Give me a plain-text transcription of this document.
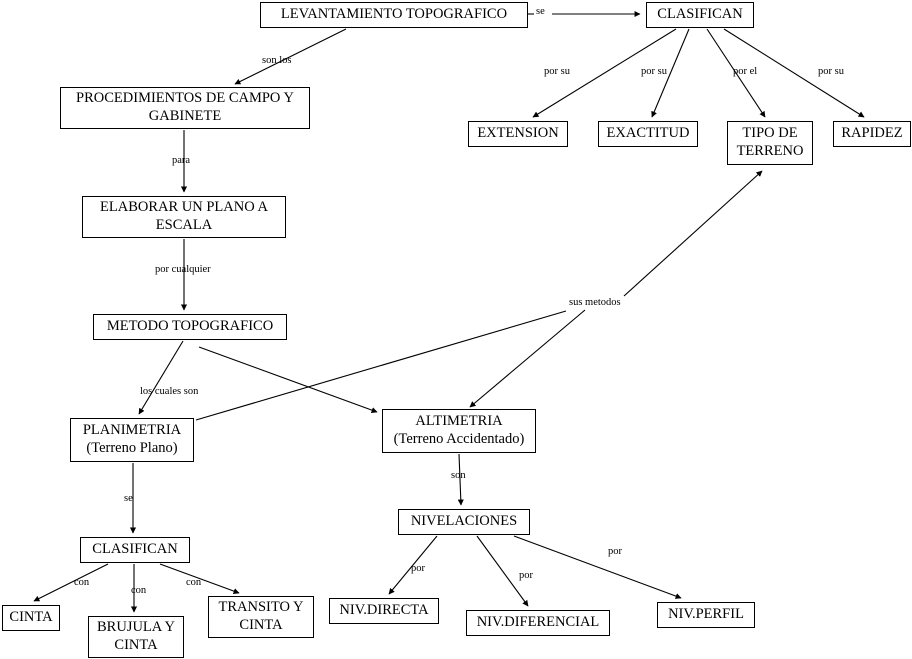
LEVANTAMIENTO TOPOGRAFICO	CLASIFICAN
PROCEDIMIENTOS DE CAMPO Y
GABINETE
EXTENSION	EXACTITUD	TIPO DE
TERRENO
RAPIDEZ
ELABORAR UN PLANO A
ESCALA
METODO TOPOGRAFICO
PLANIMETRIA
(Terreno Plano)
ALTIMETRIA
(Terreno Accidentado)
CLASIFICAN
NIVELACIONES
CINTA
BRUJULA Y
CINTA
TRANSITO Y
CINTA
NIV.DIRECTA
NIV.DIFERENCIAL	NIV.PERFIL
se
son los
por su	por su	por el	por su
para
por cualquier
sus metodos
los cuales son
son
se
por
con
con
con
por
por
